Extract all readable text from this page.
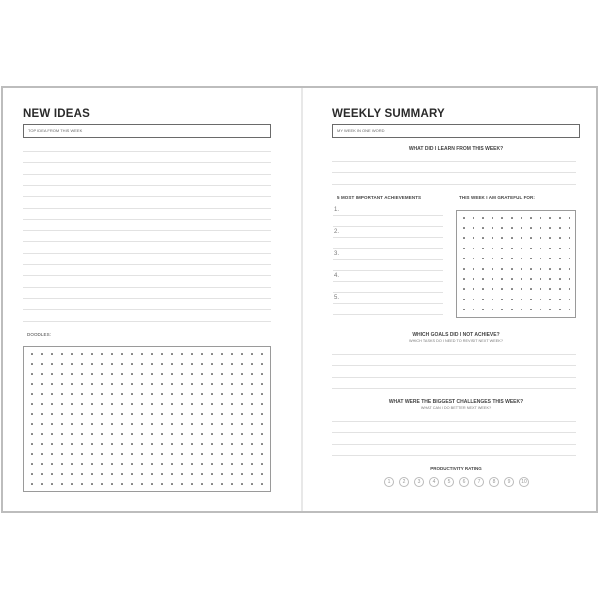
NEW IDEAS
TOP IDEA FROM THIS WEEK
DOODLES:
WEEKLY SUMMARY
MY WEEK IN ONE WORD
WHAT DID I LEARN FROM THIS WEEK?
5 MOST IMPORTANT ACHIEVEMENTS
1.
2.
3.
4.
5.
THIS WEEK I AM GRATEFUL FOR:
WHICH GOALS DID I NOT ACHIEVE?
WHICH TASKS DO I NEED TO REVISIT NEXT WEEK?
WHAT WERE THE BIGGEST CHALLENGES THIS WEEK?
WHAT CAN I DO BETTER NEXT WEEK?
PRODUCTIVITY RATING
1	2	3	4	5	6	7	8	9	10
